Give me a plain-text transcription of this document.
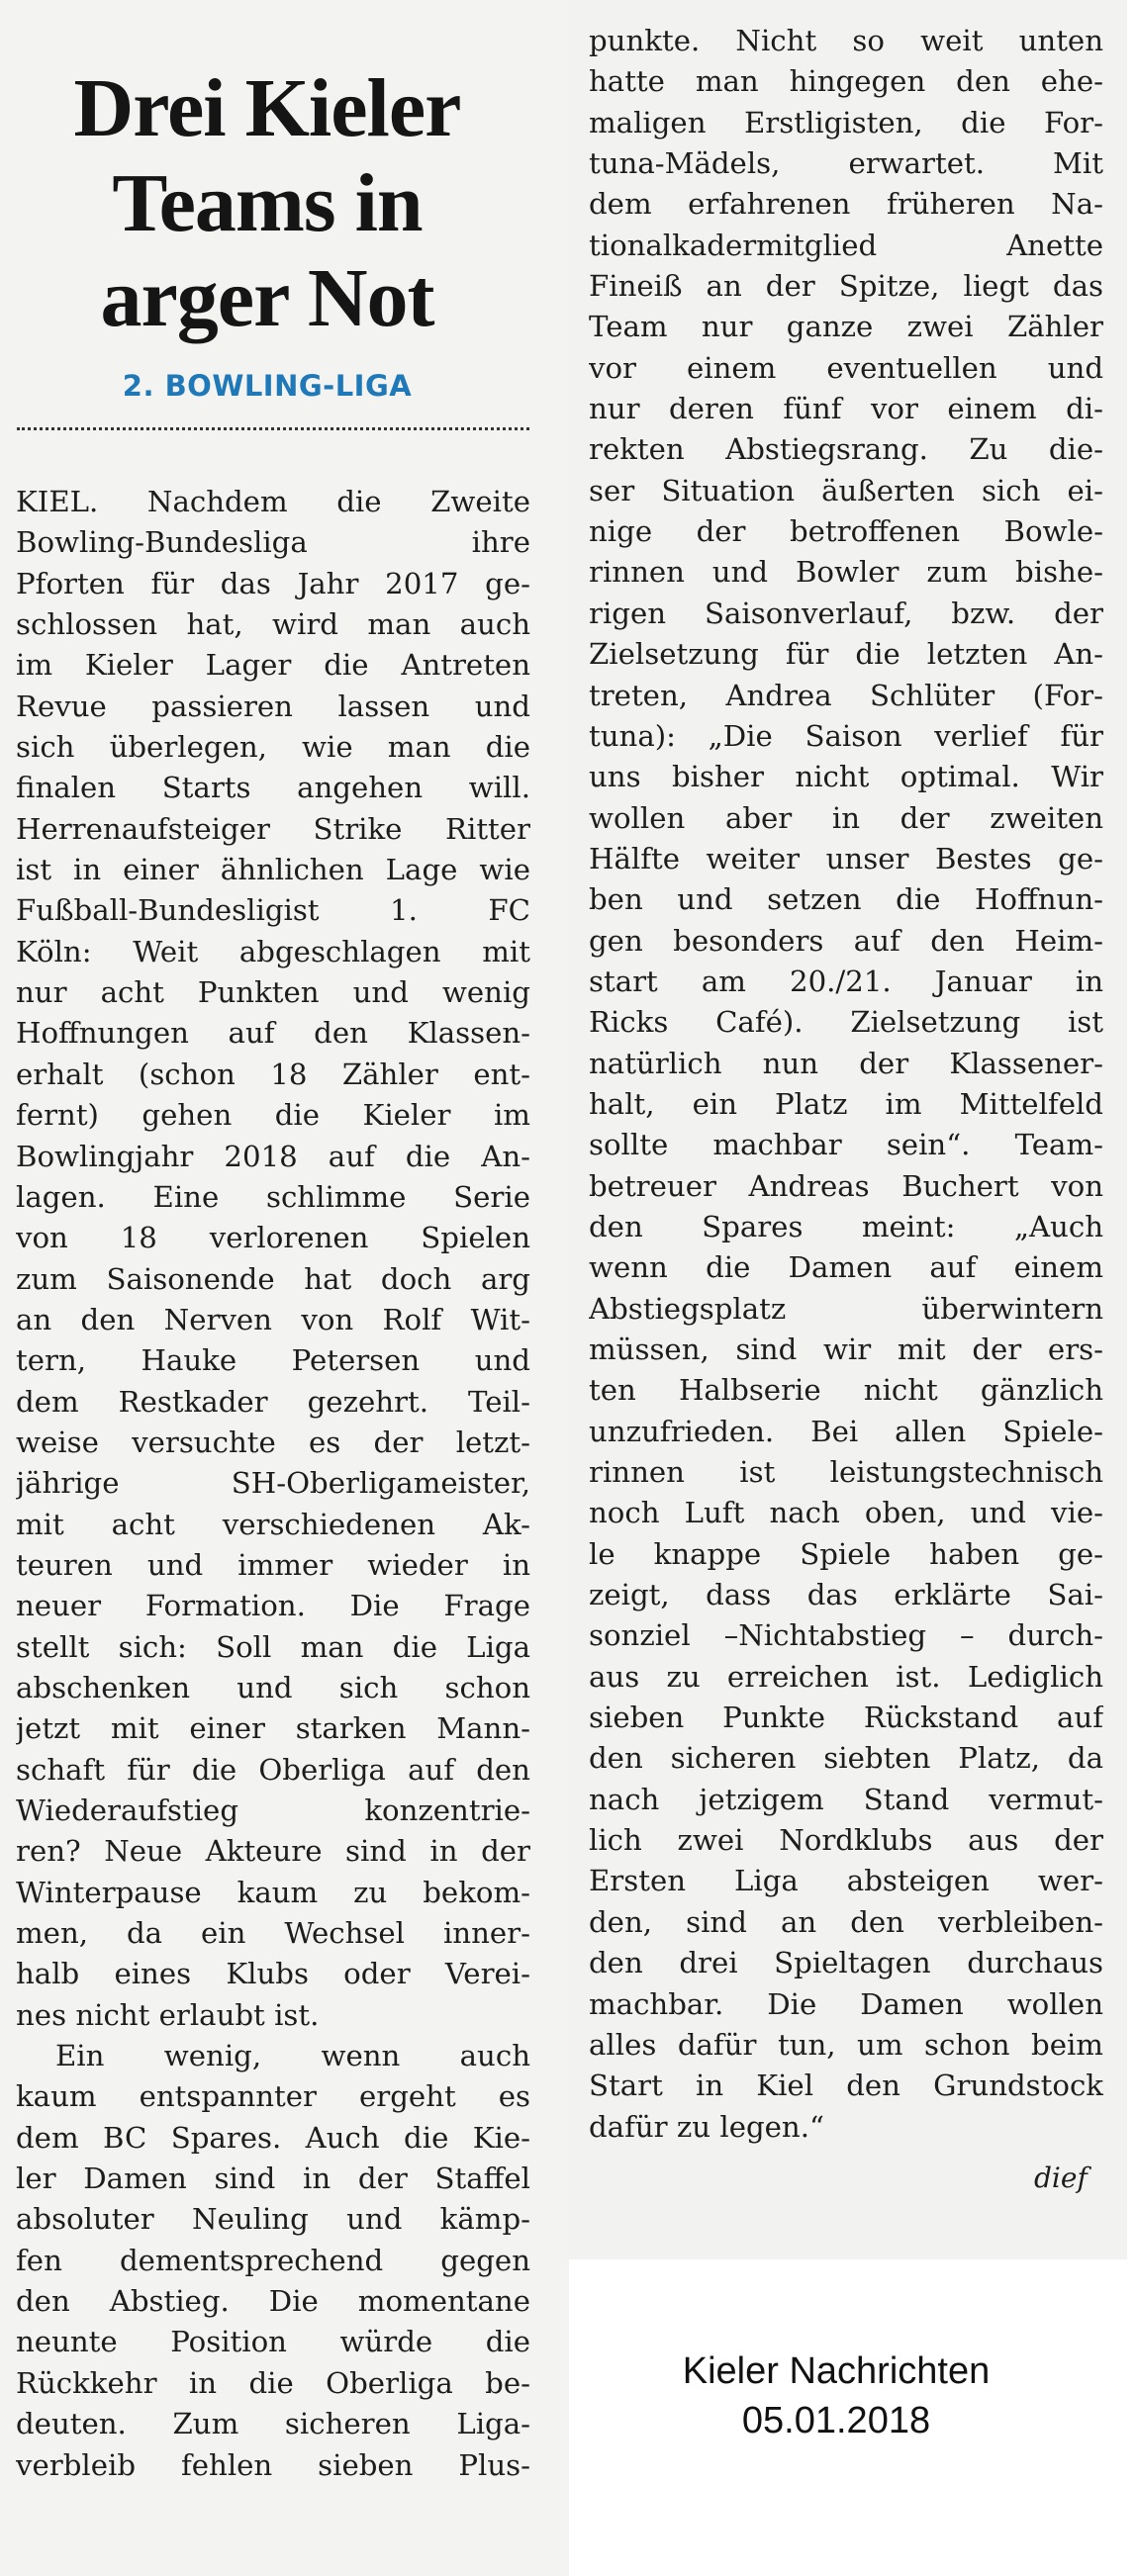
Drei Kieler
Teams in
arger Not
2. BOWLING-LIGA
KIEL. Nachdem die Zweite
Bowling-Bundesliga ihre
Pforten für das Jahr 2017 ge-
schlossen hat, wird man auch
im Kieler Lager die Antreten
Revue passieren lassen und
sich überlegen, wie man die
finalen Starts angehen will.
Herrenaufsteiger Strike Ritter
ist in einer ähnlichen Lage wie
Fußball-Bundesligist 1. FC
Köln: Weit abgeschlagen mit
nur acht Punkten und wenig
Hoffnungen auf den Klassen-
erhalt (schon 18 Zähler ent-
fernt) gehen die Kieler im
Bowlingjahr 2018 auf die An-
lagen. Eine schlimme Serie
von 18 verlorenen Spielen
zum Saisonende hat doch arg
an den Nerven von Rolf Wit-
tern, Hauke Petersen und
dem Restkader gezehrt. Teil-
weise versuchte es der letzt-
jährige SH-Oberligameister,
mit acht verschiedenen Ak-
teuren und immer wieder in
neuer Formation. Die Frage
stellt sich: Soll man die Liga
abschenken und sich schon
jetzt mit einer starken Mann-
schaft für die Oberliga auf den
Wiederaufstieg konzentrie-
ren? Neue Akteure sind in der
Winterpause kaum zu bekom-
men, da ein Wechsel inner-
halb eines Klubs oder Verei-
nes nicht erlaubt ist.
Ein wenig, wenn auch
kaum entspannter ergeht es
dem BC Spares. Auch die Kie-
ler Damen sind in der Staffel
absoluter Neuling und kämp-
fen dementsprechend gegen
den Abstieg. Die momentane
neunte Position würde die
Rückkehr in die Oberliga be-
deuten. Zum sicheren Liga-
verbleib fehlen sieben Plus-
punkte. Nicht so weit unten
hatte man hingegen den ehe-
maligen Erstligisten, die For-
tuna-Mädels, erwartet. Mit
dem erfahrenen früheren Na-
tionalkadermitglied Anette
Fineiß an der Spitze, liegt das
Team nur ganze zwei Zähler
vor einem eventuellen und
nur deren fünf vor einem di-
rekten Abstiegsrang. Zu die-
ser Situation äußerten sich ei-
nige der betroffenen Bowle-
rinnen und Bowler zum bishe-
rigen Saisonverlauf, bzw. der
Zielsetzung für die letzten An-
treten, Andrea Schlüter (For-
tuna): „Die Saison verlief für
uns bisher nicht optimal. Wir
wollen aber in der zweiten
Hälfte weiter unser Bestes ge-
ben und setzen die Hoffnun-
gen besonders auf den Heim-
start am 20./21. Januar in
Ricks Café). Zielsetzung ist
natürlich nun der Klassener-
halt, ein Platz im Mittelfeld
sollte machbar sein“. Team-
betreuer Andreas Buchert von
den Spares meint: „Auch
wenn die Damen auf einem
Abstiegsplatz überwintern
müssen, sind wir mit der ers-
ten Halbserie nicht gänzlich
unzufrieden. Bei allen Spiele-
rinnen ist leistungstechnisch
noch Luft nach oben, und vie-
le knappe Spiele haben ge-
zeigt, dass das erklärte Sai-
sonziel –Nichtabstieg – durch-
aus zu erreichen ist. Lediglich
sieben Punkte Rückstand auf
den sicheren siebten Platz, da
nach jetzigem Stand vermut-
lich zwei Nordklubs aus der
Ersten Liga absteigen wer-
den, sind an den verbleiben-
den drei Spieltagen durchaus
machbar. Die Damen wollen
alles dafür tun, um schon beim
Start in Kiel den Grundstock
dafür zu legen.“
dief
Kieler Nachrichten
05.01.2018
